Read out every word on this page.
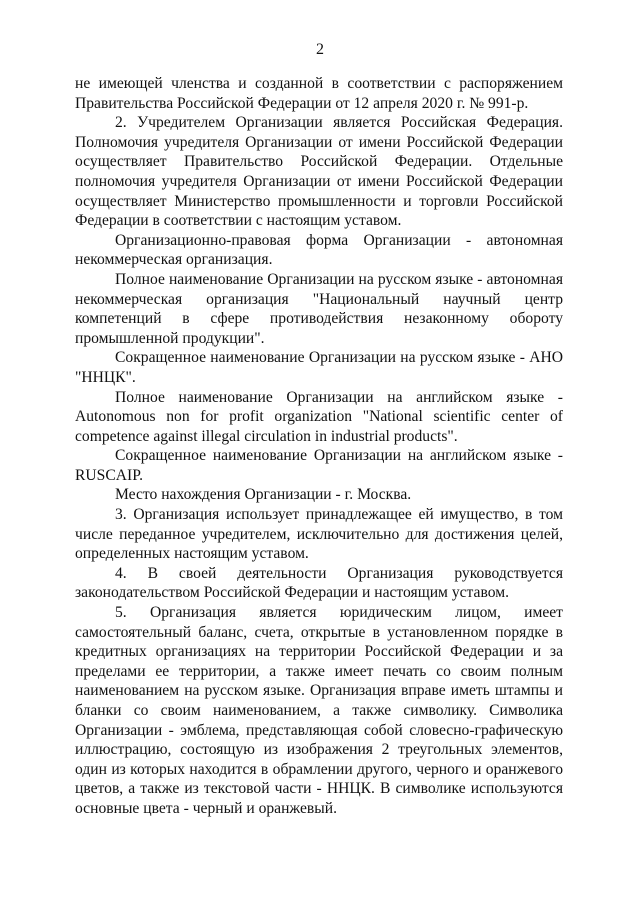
2

не имеющей членства и созданной в соответствии с распоряжением Правительства Российской Федерации от 12 апреля 2020 г. № 991-р.

2. Учредителем Организации является Российская Федерация. Полномочия учредителя Организации от имени Российской Федерации осуществляет Правительство Российской Федерации. Отдельные полномочия учредителя Организации от имени Российской Федерации осуществляет Министерство промышленности и торговли Российской Федерации в соответствии с настоящим уставом.

Организационно-правовая форма Организации - автономная некоммерческая организация.

Полное наименование Организации на русском языке - автономная некоммерческая организация "Национальный научный центр компетенций в сфере противодействия незаконному обороту промышленной продукции".

Сокращенное наименование Организации на русском языке - АНО "ННЦК".

Полное наименование Организации на английском языке - Autonomous non for profit organization "National scientific center of competence against illegal circulation in industrial products".

Сокращенное наименование Организации на английском языке - RUSCAIP.

Место нахождения Организации - г. Москва.

3. Организация использует принадлежащее ей имущество, в том числе переданное учредителем, исключительно для достижения целей, определенных настоящим уставом.

4. В своей деятельности Организация руководствуется законодательством Российской Федерации и настоящим уставом.

5. Организация является юридическим лицом, имеет самостоятельный баланс, счета, открытые в установленном порядке в кредитных организациях на территории Российской Федерации и за пределами ее территории, а также имеет печать со своим полным наименованием на русском языке. Организация вправе иметь штампы и бланки со своим наименованием, а также символику. Символика Организации - эмблема, представляющая собой словесно-графическую иллюстрацию, состоящую из изображения 2 треугольных элементов, один из которых находится в обрамлении другого, черного и оранжевого цветов, а также из текстовой части - ННЦК. В символике используются основные цвета - черный и оранжевый.
